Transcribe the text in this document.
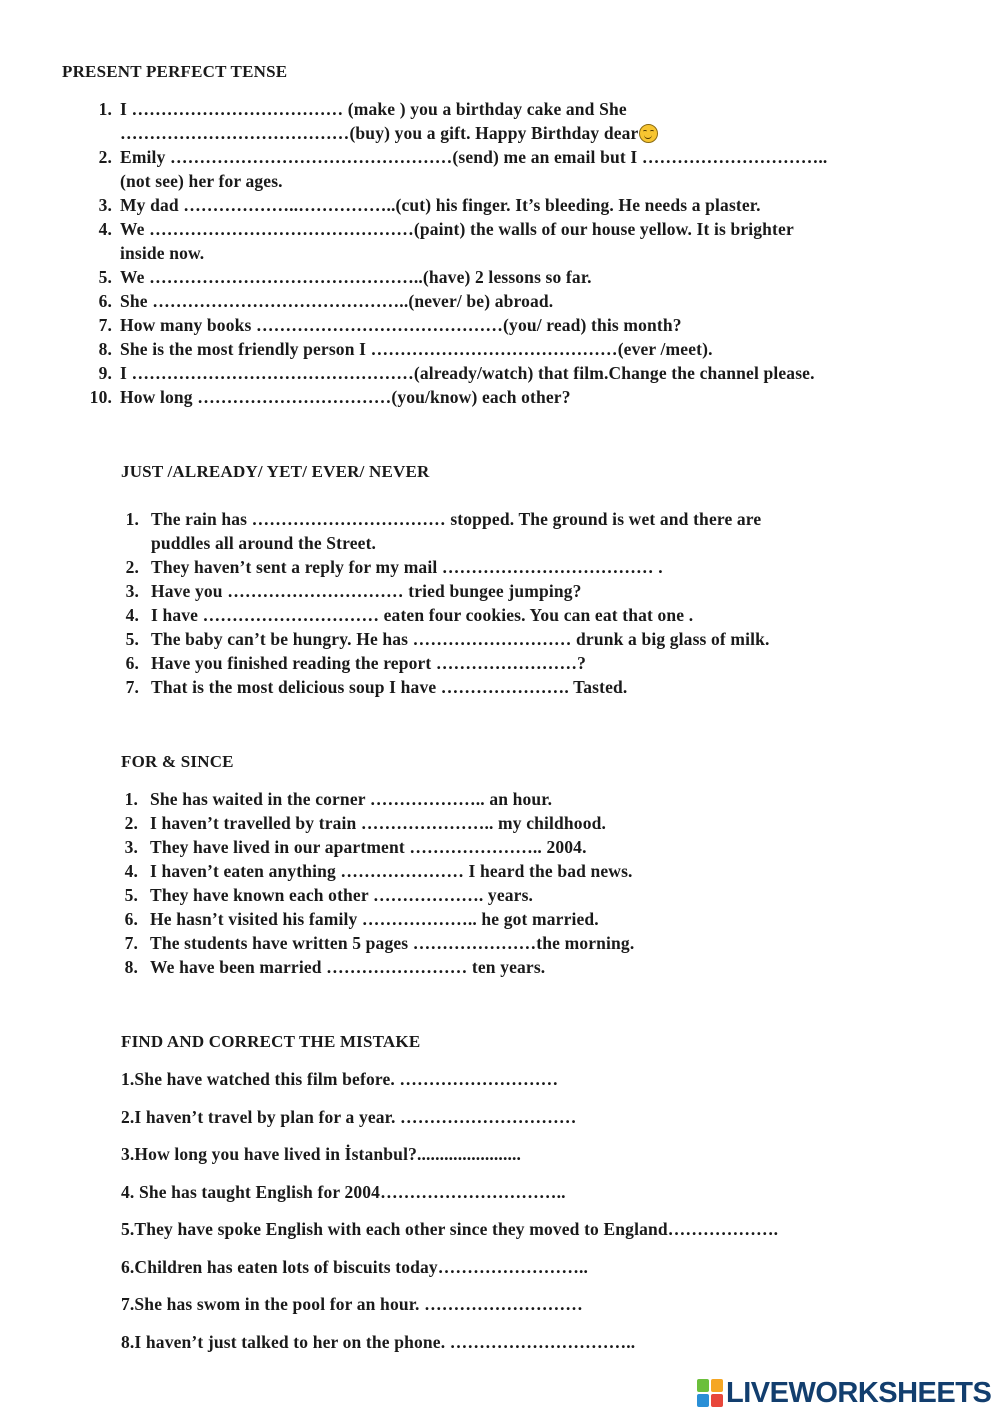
PRESENT PERFECT TENSE
1. I ……………………………… (make ) you a birthday cake and She
…………………………………(buy) you a gift. Happy Birthday dear
2. Emily …………………………………………(send) me an email but I …………………………..
(not see) her for ages.
3. My dad ………………..……………..(cut) his finger. It’s bleeding. He needs a plaster.
4. We ………………………………………(paint) the walls of our house yellow. It is brighter
inside now.
5. We ………………………………………..(have) 2 lessons so far.
6. She ……………………………………..(never/ be) abroad.
7. How many books ……………………………………(you/ read) this month?
8. She is the most friendly person I ……………………………………(ever /meet).
9. I …………………………………………(already/watch) that film.Change the channel please.
10. How long ……………………………(you/know) each other?
JUST /ALREADY/ YET/ EVER/ NEVER
1. The rain has …………………………… stopped. The ground is wet and there are
puddles all around the Street.
2. They haven’t sent a reply for my mail ……………………………… .
3. Have you ………………………… tried bungee jumping?
4. I have ………………………… eaten four cookies. You can eat that one .
5. The baby can’t be hungry. He has ……………………… drunk a big glass of milk.
6. Have you finished reading the report ……………………?
7. That is the most delicious soup I have …………………. Tasted.
FOR & SINCE
1. She has waited in the corner ……………….. an hour.
2. I haven’t travelled by train ………………….. my childhood.
3. They have lived in our apartment ………………….. 2004.
4. I haven’t eaten anything ………………… I heard the bad news.
5. They have known each other ………………. years.
6. He hasn’t visited his family ……………….. he got married.
7. The students have written 5 pages …………………the morning.
8. We have been married …………………… ten years.
FIND AND CORRECT THE MISTAKE
1.She have watched this film before. ………………………
2.I haven’t travel by plan for a year. …………………………
3.How long you have lived in İstanbul?.......................
4. She has taught English for 2004…………………………..
5.They have spoke English with each other since they moved to England……………….
6.Children has eaten lots of biscuits today……………………..
7.She has swom in the pool for an hour. ………………………
8.I haven’t just talked to her on the phone. …………………………..
LIVEWORKSHEETS
